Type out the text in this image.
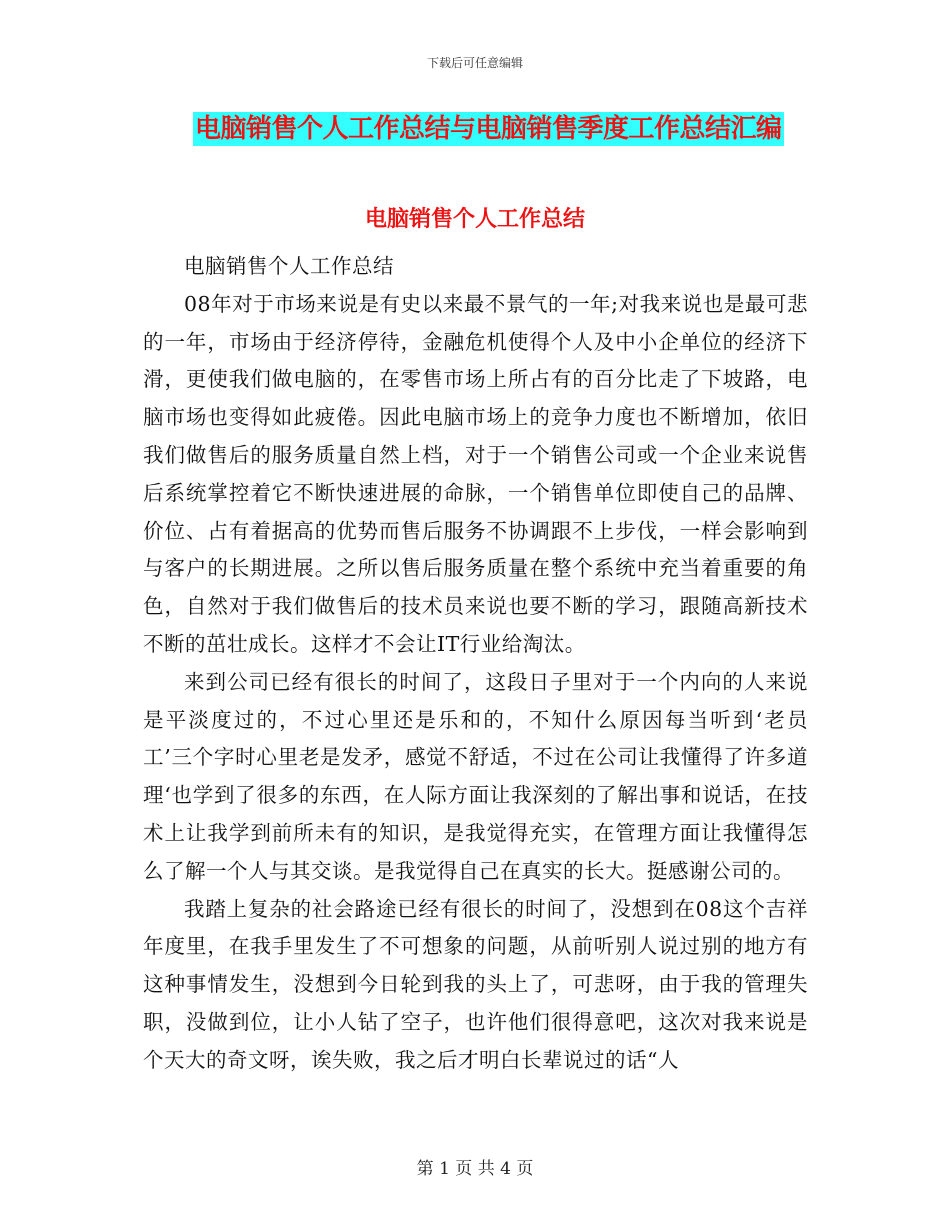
下载后可任意编辑
电脑销售个人工作总结与电脑销售季度工作总结汇编
电脑销售个人工作总结

电脑销售个人工作总结

08年对于市场来说是有史以来最不景气的一年;对我来说也是最可悲的一年，市场由于经济停待，金融危机使得个人及中小企单位的经济下滑，更使我们做电脑的，在零售市场上所占有的百分比走了下坡路，电脑市场也变得如此疲倦。因此电脑市场上的竞争力度也不断增加，依旧我们做售后的服务质量自然上档，对于一个销售公司或一个企业来说售后系统掌控着它不断快速进展的命脉，一个销售单位即使自己的品牌、价位、占有着据高的优势而售后服务不协调跟不上步伐，一样会影响到与客户的长期进展。之所以售后服务质量在整个系统中充当着重要的角色，自然对于我们做售后的技术员来说也要不断的学习，跟随高新技术不断的茁壮成长。这样才不会让IT行业给淘汰。

来到公司已经有很长的时间了，这段日子里对于一个内向的人来说是平淡度过的，不过心里还是乐和的，不知什么原因每当听到‘老员工’三个字时心里老是发矛，感觉不舒适，不过在公司让我懂得了许多道理‘也学到了很多的东西，在人际方面让我深刻的了解出事和说话，在技术上让我学到前所未有的知识，是我觉得充实，在管理方面让我懂得怎么了解一个人与其交谈。是我觉得自己在真实的长大。挺感谢公司的。

我踏上复杂的社会路途已经有很长的时间了，没想到在08这个吉祥年度里，在我手里发生了不可想象的问题，从前听别人说过别的地方有这种事情发生，没想到今日轮到我的头上了，可悲呀，由于我的管理失职，没做到位，让小人钻了空子，也许他们很得意吧，这次对我来说是个天大的奇文呀，诶失败，我之后才明白长辈说过的话“人

第 1 页 共 4 页
